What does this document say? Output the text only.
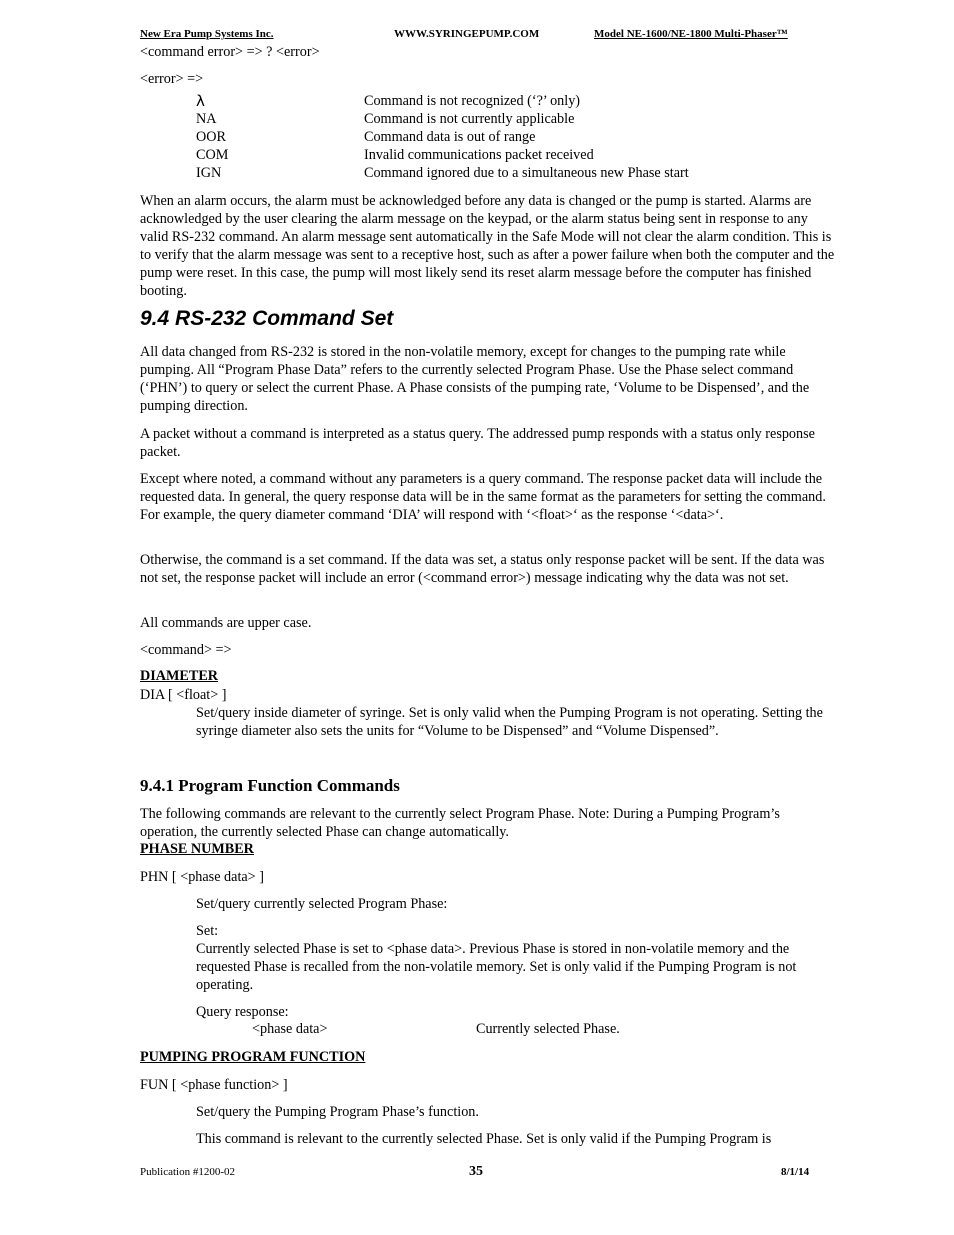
New Era Pump Systems Inc.	WWW.SYRINGEPUMP.COM	Model NE-1600/NE-1800 Multi-Phaser™
<command error> => ? <error>
<error> =>
λ	Command is not recognized (‘?’ only)
NA	Command is not currently applicable
OOR	Command data is out of range
COM	Invalid communications packet received
IGN	Command ignored due to a simultaneous new Phase start

When an alarm occurs, the alarm must be acknowledged before any data is changed or the pump is started. Alarms are acknowledged by the user clearing the alarm message on the keypad, or the alarm status being sent in response to any valid RS-232 command. An alarm message sent automatically in the Safe Mode will not clear the alarm condition. This is to verify that the alarm message was sent to a receptive host, such as after a power failure when both the computer and the pump were reset. In this case, the pump will most likely send its reset alarm message before the computer has finished booting.

9.4 RS-232 Command Set

All data changed from RS-232 is stored in the non-volatile memory, except for changes to the pumping rate while pumping. All “Program Phase Data” refers to the currently selected Program Phase. Use the Phase select command (‘PHN’) to query or select the current Phase. A Phase consists of the pumping rate, ‘Volume to be Dispensed’, and the pumping direction.

A packet without a command is interpreted as a status query. The addressed pump responds with a status only response packet.

Except where noted, a command without any parameters is a query command. The response packet data will include the requested data. In general, the query response data will be in the same format as the parameters for setting the command. For example, the query diameter command ‘DIA’ will respond with ‘<float>‘ as the response ‘<data>‘.

Otherwise, the command is a set command. If the data was set, a status only response packet will be sent. If the data was not set, the response packet will include an error (<command error>) message indicating why the data was not set.

All commands are upper case.

<command> =>

DIAMETER
DIA [ <float> ]

Set/query inside diameter of syringe. Set is only valid when the Pumping Program is not operating. Setting the syringe diameter also sets the units for “Volume to be Dispensed” and “Volume Dispensed”.

9.4.1 Program Function Commands

The following commands are relevant to the currently select Program Phase. Note: During a Pumping Program’s operation, the currently selected Phase can change automatically.

PHASE NUMBER
PHN [ <phase data> ]

Set/query currently selected Program Phase:

Set:

Currently selected Phase is set to <phase data>. Previous Phase is stored in non-volatile memory and the requested Phase is recalled from the non-volatile memory. Set is only valid if the Pumping Program is not operating.

Query response:

<phase data>	Currently selected Phase.
PUMPING PROGRAM FUNCTION
FUN [ <phase function> ]

Set/query the Pumping Program Phase’s function.

This command is relevant to the currently selected Phase. Set is only valid if the Pumping Program is

Publication #1200-02	35	8/1/14
